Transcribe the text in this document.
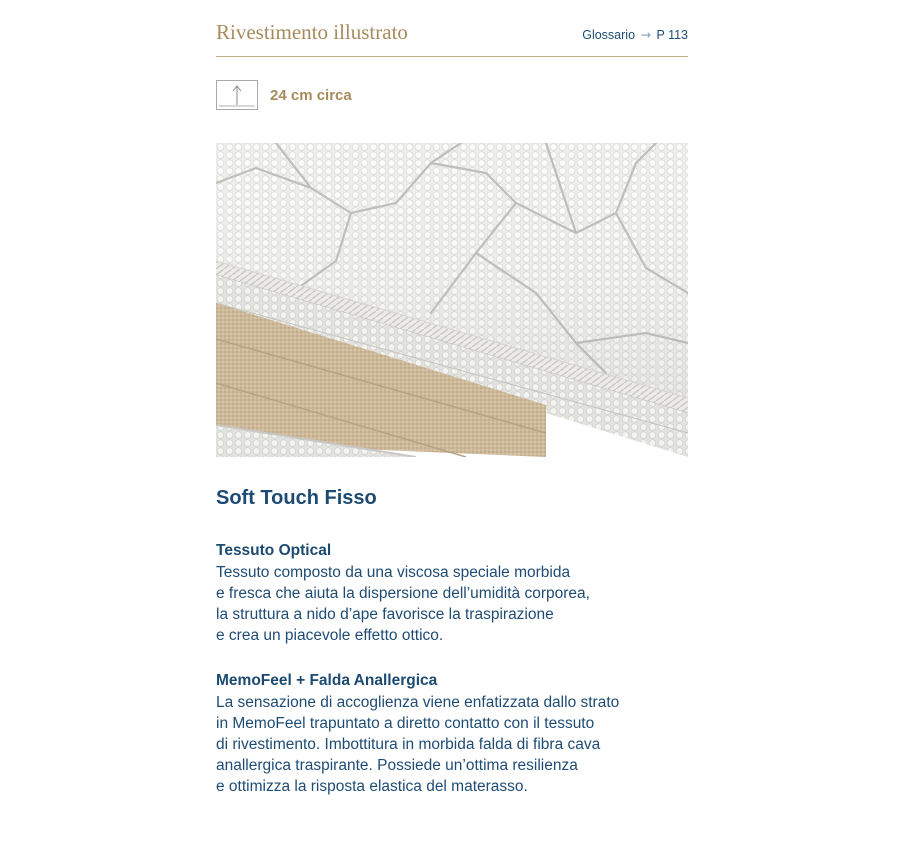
Rivestimento illustrato	Glossario → P 113
24 cm circa
Soft Touch Fisso
Tessuto Optical
Tessuto composto da una viscosa speciale morbida
e fresca che aiuta la dispersione dell’umidità corporea,
la struttura a nido d’ape favorisce la traspirazione
e crea un piacevole effetto ottico.
MemoFeel + Falda Anallergica
La sensazione di accoglienza viene enfatizzata dallo strato
in MemoFeel trapuntato a diretto contatto con il tessuto
di rivestimento. Imbottitura in morbida falda di fibra cava
anallergica traspirante. Possiede un’ottima resilienza
e ottimizza la risposta elastica del materasso.
